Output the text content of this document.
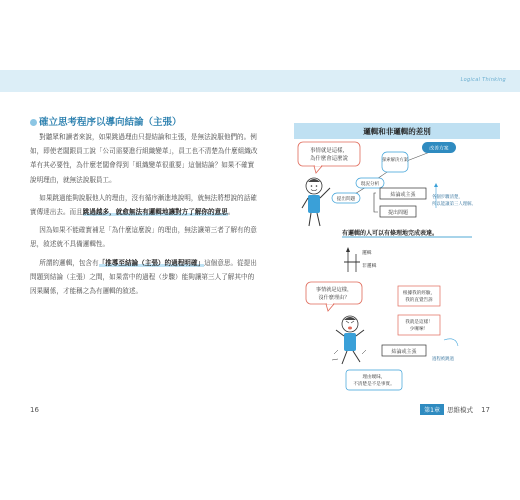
Logical Thinking
確立思考程序以導向結論（主張）

對聽眾和讀者來說，如果跳過理由只提結論和主張，是無法說服他們的。例如，即使老闆跟員工說「公司需要進行組織變革」，員工也不清楚為什麼組織改革有其必要性，為什麼老闆會得到「組織變革很重要」這個結論？如果不確實說明理由，就無法說服員工。

如果跳過能夠說服他人的理由，沒有循序漸進地說明，就無法將想說的話確實傳達出去。而且跳過越多，就愈無法有邏輯地讓對方了解你的意思。

因為如果不能確實補足「為什麼這麼說」的理由，無法讓第三者了解有的意思，敘述就不具備邏輯性。

所謂的邏輯，包含有「推導至結論（主張）的過程明確」這個意思。從提出問題到結論（主張）之間，如果當中的過程（步驟）能夠讓第三人了解其中的因果關係，才能稱之為有邏輯的敘述。

16
邏輯和非邏輯的差別
事情就是這樣，
為什麼會這麼說
提出問題
現況分析
探索解決方案
改善方案
結論或主張
提出問題
各個步驟清楚，
所以能讓第三人理解。
有邏輯的人可以有條理地完成表達。
邏輯
非邏輯
事情就是這樣，
沒什麼理由？
根據我的經驗，
我的直覺告訴
我就是這樣！
少囉嗦！
結論或主張
過程被跳過
理由曖昧，
不清楚是不是事實。
第1章 思維模式 17
